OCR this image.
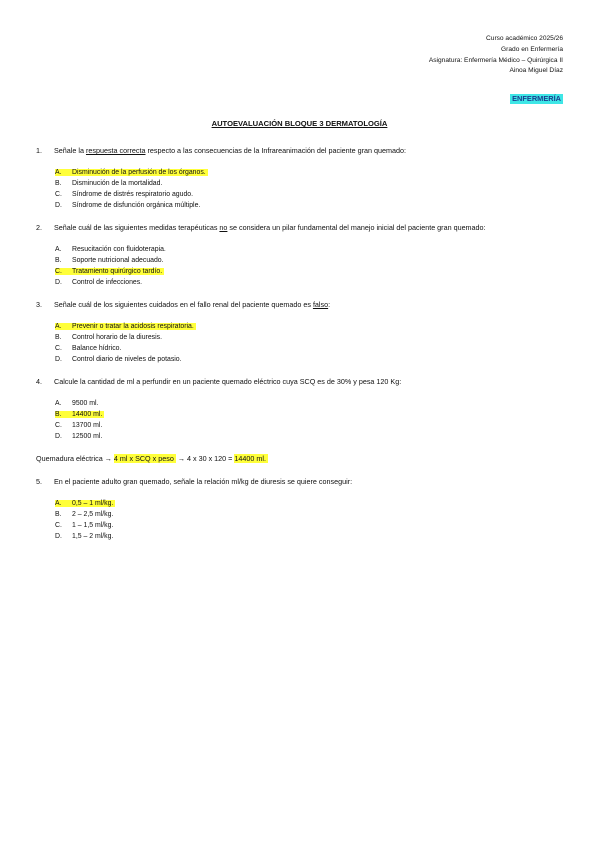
Curso académico 2025/26
Grado en Enfermería
Asignatura: Enfermería Médico – Quirúrgica II
Ainoa Miguel Díaz
ENFERMERÍA
AUTOEVALUACIÓN BLOQUE 3 DERMATOLOGÍA
1. Señale la respuesta correcta respecto a las consecuencias de la Infrareanimación del paciente gran quemado:
A. Disminución de la perfusión de los órganos.
B. Disminución de la mortalidad.
C. Síndrome de distrés respiratorio agudo.
D. Síndrome de disfunción orgánica múltiple.
2. Señale cuál de las siguientes medidas terapéuticas no se considera un pilar fundamental del manejo inicial del paciente gran quemado:
A. Resucitación con fluidoterapia.
B. Soporte nutricional adecuado.
C. Tratamiento quirúrgico tardío.
D. Control de infecciones.
3. Señale cuál de los siguientes cuidados en el fallo renal del paciente quemado es falso:
A. Prevenir o tratar la acidosis respiratoria.
B. Control horario de la diuresis.
C. Balance hídrico.
D. Control diario de niveles de potasio.
4. Calcule la cantidad de ml a perfundir en un paciente quemado eléctrico cuya SCQ es de 30% y pesa 120 Kg:
A. 9500 ml.
B. 14400 ml.
C. 13700 ml.
D. 12500 ml.
Quemadura eléctrica → 4 ml x SCQ x peso → 4 x 30 x 120 = 14400 ml.
5. En el paciente adulto gran quemado, señale la relación ml/kg de diuresis se quiere conseguir:
A. 0,5 – 1 ml/kg.
B. 2 – 2,5 ml/kg.
C. 1 – 1,5 ml/kg.
D. 1,5 – 2 ml/kg.
